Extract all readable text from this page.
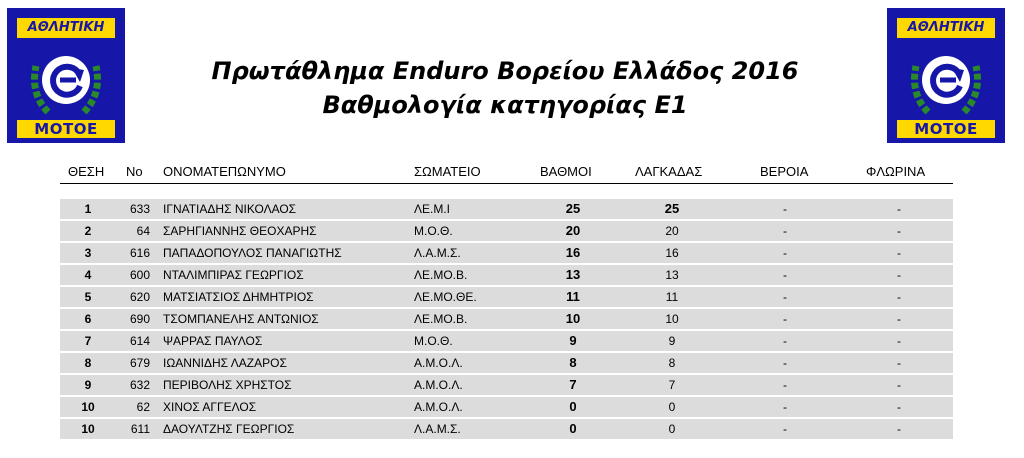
ΑΘΛΗΤΙΚΗ
ΜΟΤΟΕ
ΑΘΛΗΤΙΚΗ
ΜΟΤΟΕ
Πρωτάθλημα Enduro Βορείου Ελλάδος 2016
Βαθμολογία κατηγορίας Ε1
ΘΕΣΗ Νο ΟΝΟΜΑΤΕΠΩΝΥΜΟ	ΣΩΜΑΤΕΙΟ	ΒΑΘΜΟΙ	ΛΑΓΚΑΔΑΣ	ΒΕΡΟΙΑ	ΦΛΩΡΙΝΑ
1	633 ΙΓΝΑΤΙΑΔΗΣ ΝΙΚΟΛΑΟΣ	ΛΕ.Μ.Ι	25	25	-	-
2	64 ΣΑΡΗΓΙΑΝΝΗΣ ΘΕΟΧΑΡΗΣ	Μ.Ο.Θ.	20	20	-	-
3	616 ΠΑΠΑΔΟΠΟΥΛΟΣ ΠΑΝΑΓΙΩΤΗΣ	Λ.Α.Μ.Σ.	16	16	-	-
4	600 ΝΤΑΛΙΜΠΙΡΑΣ ΓΕΩΡΓΙΟΣ	ΛΕ.ΜΟ.Β.	13	13	-	-
5	620 ΜΑΤΣΙΑΤΣΙΟΣ ΔΗΜΗΤΡΙΟΣ	ΛΕ.ΜΟ.ΘΕ.	11	11	-	-
6	690 ΤΣΟΜΠΑΝΕΛΗΣ ΑΝΤΩΝΙΟΣ	ΛΕ.ΜΟ.Β.	10	10	-	-
7	614 ΨΑΡΡΑΣ ΠΑΥΛΟΣ	Μ.Ο.Θ.	9	9	-	-
8	679 ΙΩΑΝΝΙΔΗΣ ΛΑΖΑΡΟΣ	Α.Μ.Ο.Λ.	8	8	-	-
9	632 ΠΕΡΙΒΟΛΗΣ ΧΡΗΣΤΟΣ	Α.Μ.Ο.Λ.	7	7	-	-
10	62 ΧΙΝΟΣ ΑΓΓΕΛΟΣ	Α.Μ.Ο.Λ.	0	0	-	-
10	611 ΔΑΟΥΛΤΖΗΣ ΓΕΩΡΓΙΟΣ	Λ.Α.Μ.Σ.	0	0	-	-
